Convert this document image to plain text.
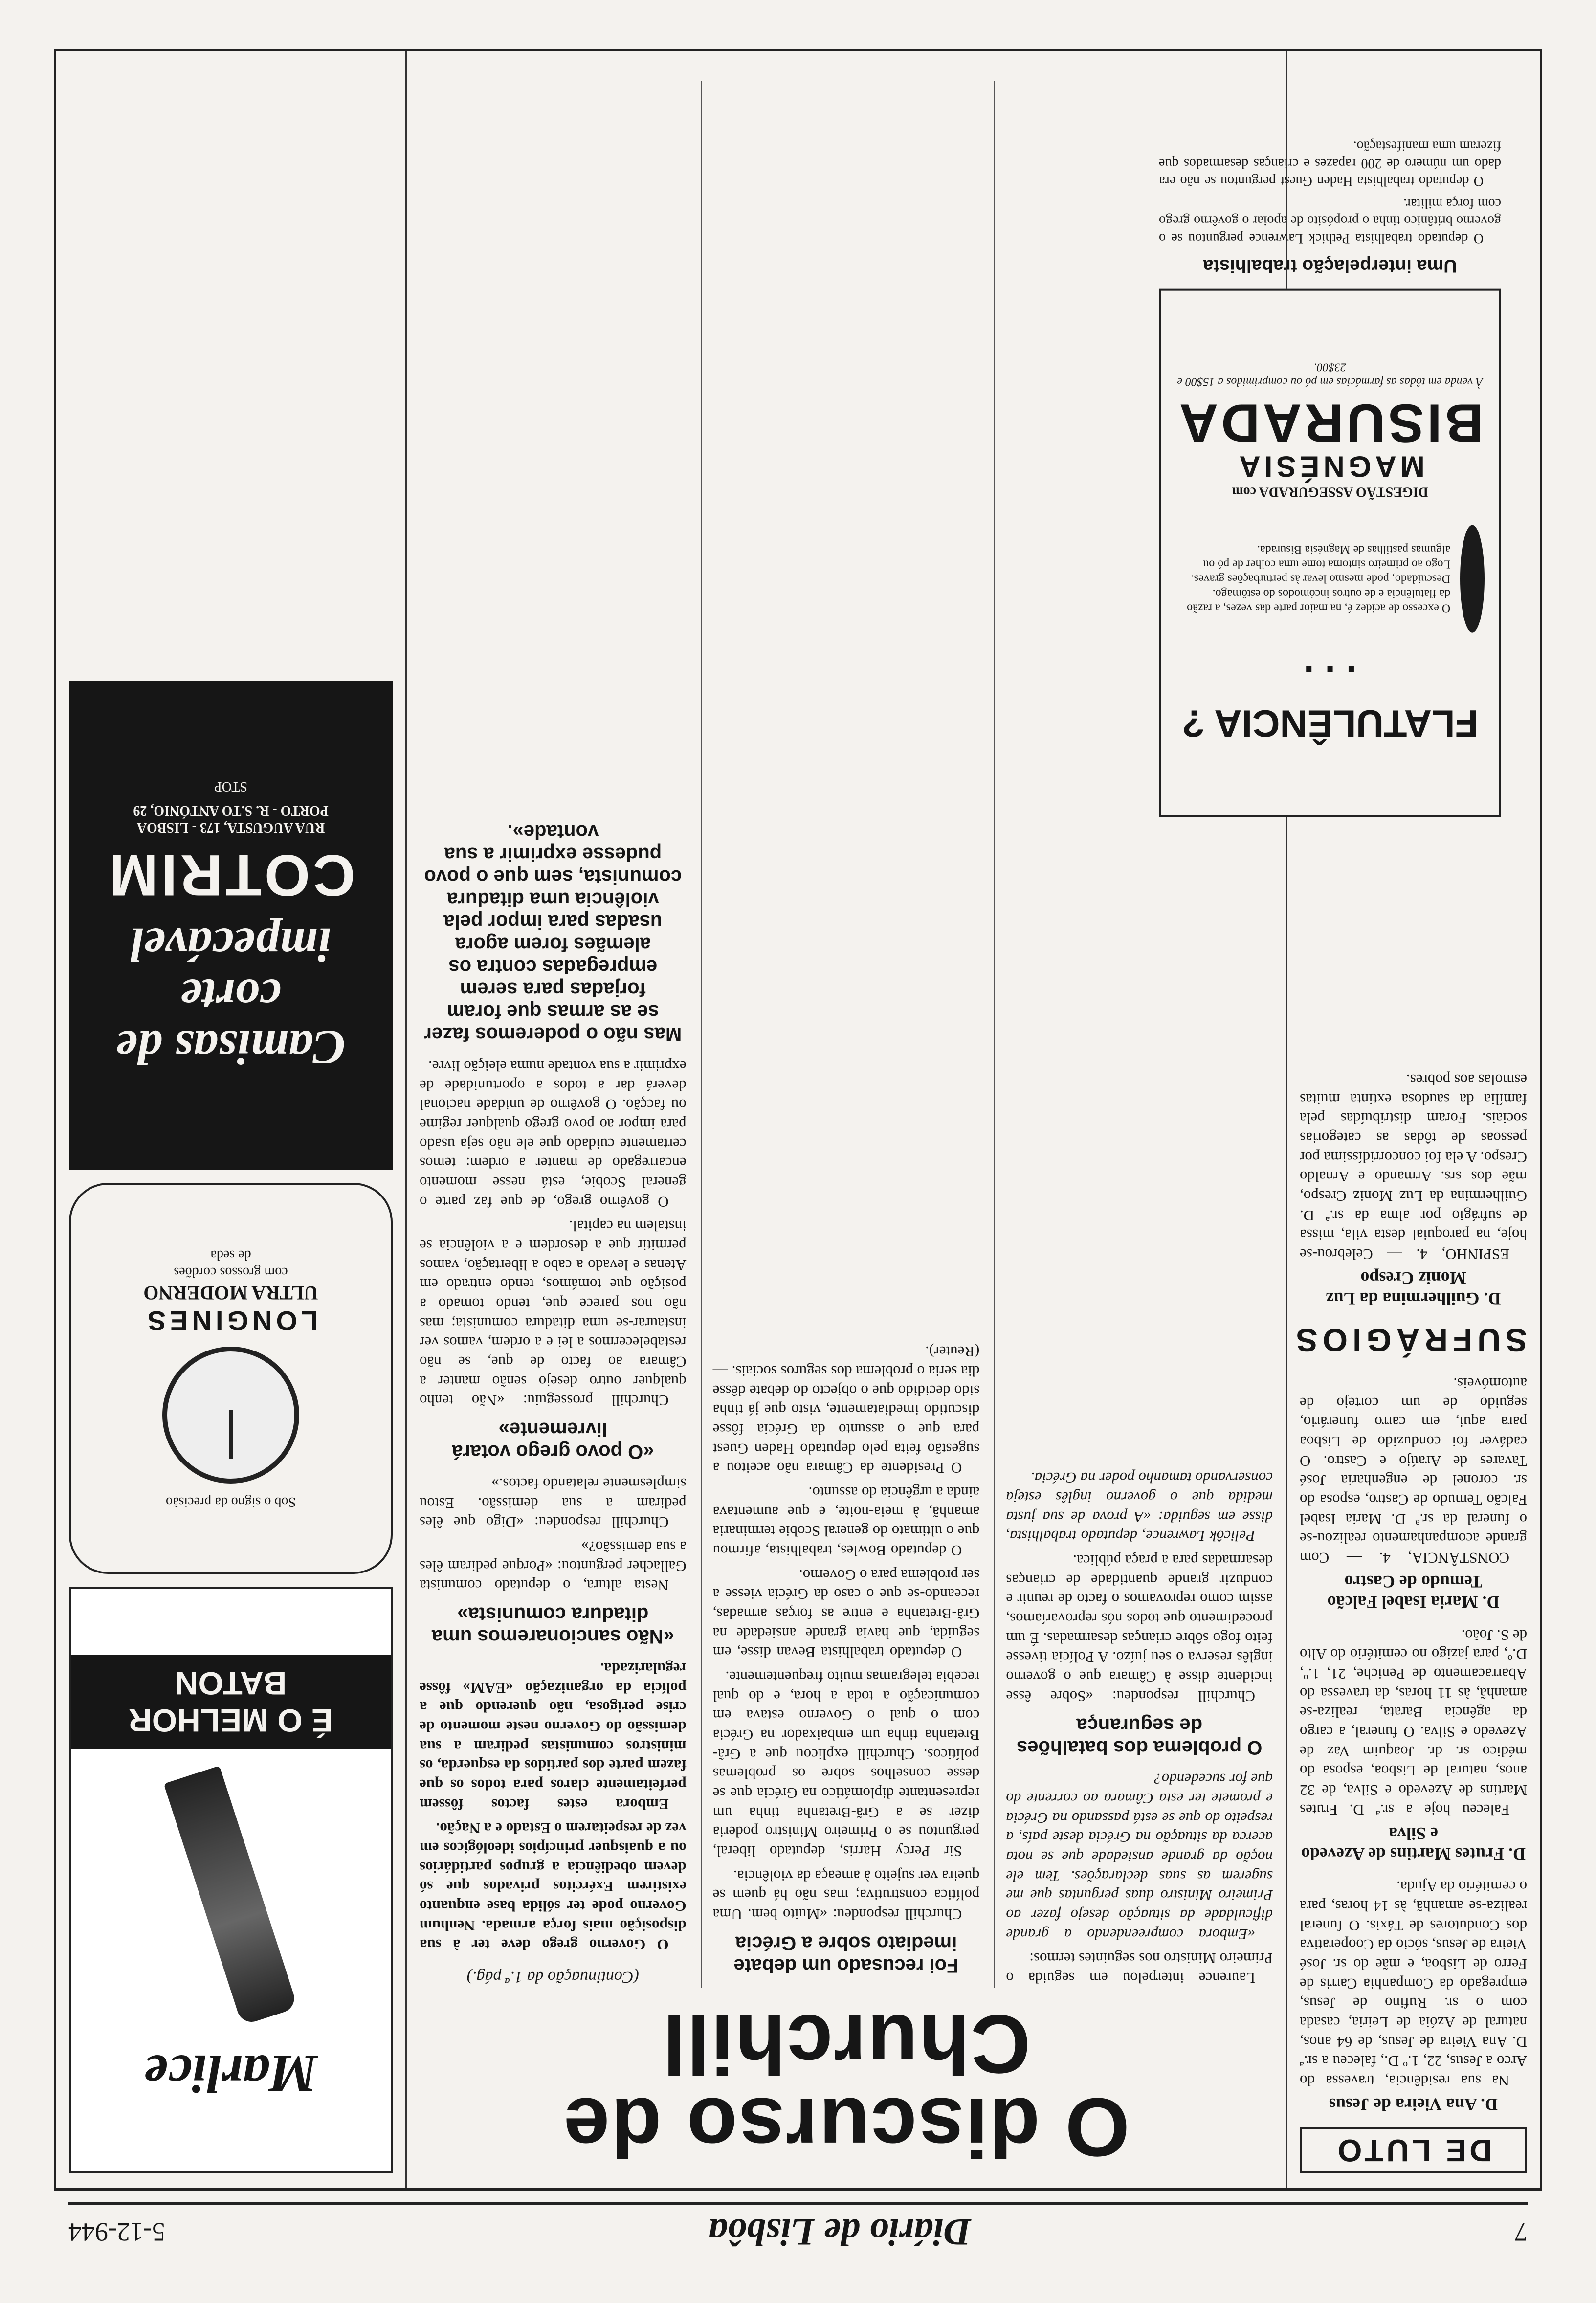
7
Diário de Lisbôa
5-12-944
DE LUTO
D. Ana Vieira de Jesus

Na sua residência, travessa do Arco a Jesus, 22, 1.º D., faleceu a sr.ª D. Ana Vieira de Jesus, de 64 anos, natural de Azóia de Leiria, casada com o sr. Rufino de Jesus, empregado da Companhia Carris de Ferro de Lisboa, e mãe do sr. José Vieira de Jesus, sócio da Cooperativa dos Condutores de Táxis. O funeral realiza-se amanhã, às 14 horas, para o cemitério da Ajuda.

D. Frutes Martins de Azevedo e Silva

Faleceu hoje a sr.ª D. Frutes Martins de Azevedo e Silva, de 32 anos, natural de Lisboa, esposa do médico sr. dr. Joaquim Vaz de Azevedo e Silva. O funeral, a cargo da agência Barata, realiza-se amanhã, às 11 horas, da travessa do Abarracamento de Peniche, 21, 1.º, D.º, para jazigo no cemitério do Alto de S. João.

D. Maria Isabel Falcão Temudo de Castro

CONSTÂNCIA, 4. — Com grande acompanhamento realizou-se o funeral da sr.ª D. Maria Isabel Falcão Temudo de Castro, esposa do sr. coronel de engenharia José Tavares de Araújo e Castro. O cadáver foi conduzido de Lisboa para aqui, em carro funerário, seguido de um cortejo de automóveis.

SUFRÁGIOS
D. Guilhermina da Luz Moniz Crespo

ESPINHO, 4. — Celebrou-se hoje, na paroquial desta vila, missa de sufrágio por alma da sr.ª D. Guilhermina da Luz Moniz Crespo, mãe dos srs. Armando e Arnaldo Crespo. A ela foi concorridíssima por pessoas de tôdas as categorias sociais. Foram distribuídas pela família da saudosa extinta muitas esmolas aos pobres.

O discurso de Churchill

Laurence interpelou em seguida o Primeiro Ministro nos seguintes termos:

«Embora compreendendo a grande dificuldade da situação desejo fazer ao Primeiro Ministro duas perguntas que me sugerem as suas declarações. Tem ele noção da grande ansiedade que se nota acerca da situação na Grécia deste país, a respeito do que se está passando na Grécia e promete ter esta Câmara ao corrente do que for sucedendo?

O problema dos batalhões de segurança

Churchill respondeu: «Sobre êsse incidente disse à Câmara que o governo inglês reserva o seu juízo. A Polícia tivesse feito fogo sôbre crianças desarmadas. É um procedimento que todos nós reprovaríamos, assim como reprovamos o facto de reunir e conduzir grande quantidade de crianças desarmadas para a praça pública.

Pelicôk Lawrence, deputado trabalhista, disse em seguida: «A prova de sua justa medida que o governo inglês esteja conservando tamanho poder na Grécia.

Foi recusado um debate imediato sobre a Grécia

Churchill respondeu: «Muito bem. Uma política construtiva; mas não há quem se queira ver sujeito à ameaça da violência.

Sir Percy Harris, deputado liberal, perguntou se o Primeiro Ministro poderia dizer se a Grã-Bretanha tinha um representante diplomático na Grécia que se desse conselhos sobre os problemas políticos. Churchill explicou que a Grã-Bretanha tinha um embaixador na Grécia com o qual o Governo estava em comunicação a toda a hora, e do qual recebia telegramas muito frequentemente.

O deputado trabalhista Bevan disse, em seguida, que havia grande ansiedade na Grã-Bretanha e entre as forças armadas, receando-se que o caso da Grécia viesse a ser problema para o Governo.

O deputado Bowles, trabalhista, afirmou que o ultimato do general Scobie terminaria amanhã, à meia-noite, e que aumentava ainda a urgência do assunto.

O Presidente da Câmara não aceitou a sugestão feita pelo deputado Haden Guest para que o assunto da Grécia fôsse discutido imediatamente, visto que já tinha sido decidido que o objecto do debate dêsse dia seria o problema dos seguros sociais. — (Reuter).

(Continuação da 1.ª pág.)

O Governo grego deve ter à sua disposição mais força armada. Nenhum Governo pode ter sólida base enquanto existirem Exércitos privados que só devem obediência a grupos partidários ou a quaisquer princípios ideológicos em vez de respeitarem o Estado e a Nação.

Embora estes factos fôssem perfeitamente claros para todos os que fazem parte dos partidos da esquerda, os ministros comunistas pediram a sua demissão do Governo neste momento de crise perigosa, não querendo que a polícia da organização «EAM» fôsse regularizada.

«Não sancionaremos uma ditadura comunista»

Nesta altura, o deputado comunista Gallacher perguntou: «Porque pediram êles a sua demissão?»

Churchill respondeu: «Digo que êles pediram a sua demissão. Estou simplesmente relatando factos.»

«O povo grego votará livremente»

Churchill prosseguiu: «Não tenho qualquer outro desejo senão manter a Câmara ao facto de que, se não restabelecermos a lei e a ordem, vamos ver instaurar-se uma ditadura comunista; mas não nos parece que, tendo tomado a posição que tomámos, tendo entrado em Atenas e levado a cabo a libertação, vamos permitir que a desordem e a violência se instalem na capital.

O govêrno grego, de que faz parte o general Scobie, está nesse momento encarregado de manter a ordem: temos certamente cuidado que ele não seja usado para impor ao povo grego qualquer regime ou facção. O govêrno de unidade nacional deverá dar a todos a oportunidade de exprimir a sua vontade numa eleição livre.

Mas não o poderemos fazer se as armas que foram forjadas para serem empregadas contra os alemães forem agora usadas para impor pela violência uma ditadura comunista, sem que o povo pudesse exprimir a sua vontade».
Marlice
É O MELHOR BATON
Sob o signo da precisão
LONGINES
ULTRA MODERNO
com grossos cordões
de seda
Camisas de corte impecável
COTRIM
RUA AUGUSTA, 173 - LISBOA
PORTO - R. S.TO ANTÓNIO, 29
STOP
FLATULÊNCIA ? . . .
O excesso de acidez é, na maior parte das vezes, a razão da flatulência e de outros incómodos do estômago. Descuidado, pode mesmo levar às perturbações graves. Logo ao primeiro sintoma tome uma colher de pó ou algumas pastilhas de Magnésia Bisurada.
DIGESTÃO ASSEGURADA com
MAGNÉSIA
BISURADA
À venda em tôdas as farmácias em pó ou comprimidos a 15$00 e 23$00.
Uma interpelação trabalhista

O deputado trabalhista Pethick Lawrence perguntou se o governo britânico tinha o propósito de apoiar o govêrno grego com força militar.

O deputado trabalhista Haden Guest perguntou se não era dado um número de 200 rapazes e crianças desarmados que fizeram uma manifestação.
